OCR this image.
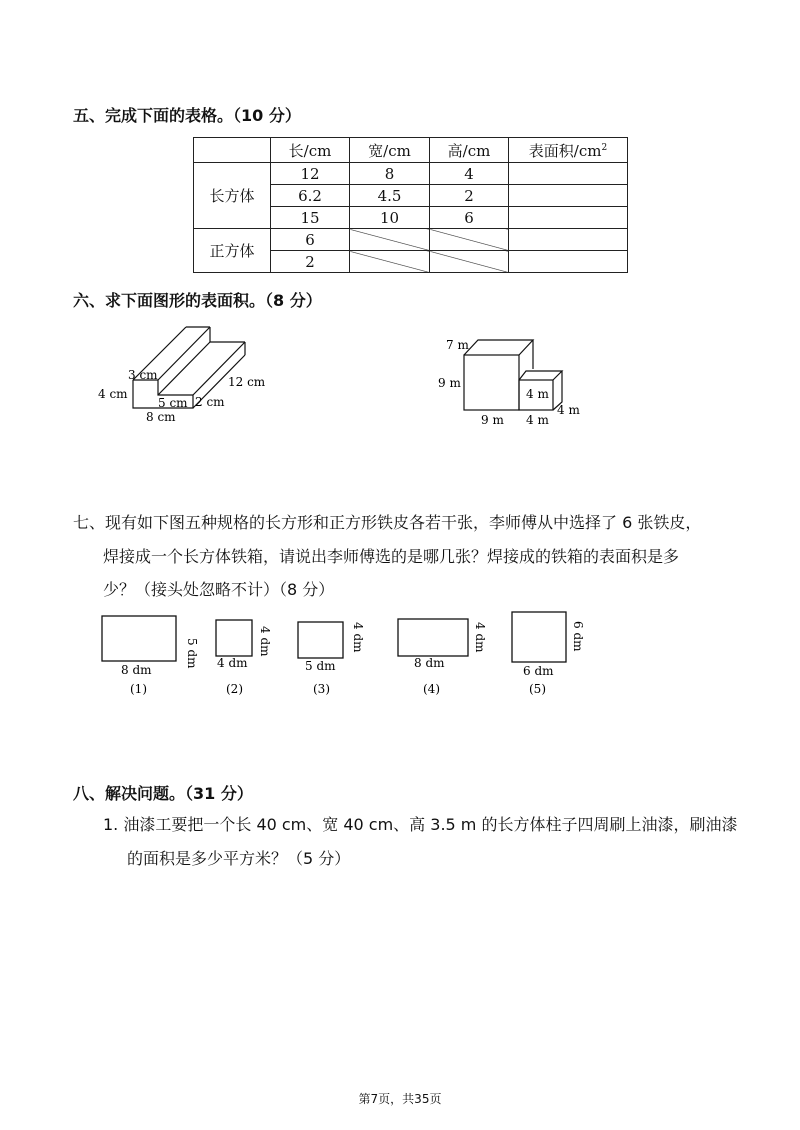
五、完成下面的表格。（10 分）
	长/cm	宽/cm	高/cm	表面积$/cm^2$
长方体	12	8	4	
	6.2	4.5	2	
	15	10	6	
正方体	6			
	2			
六、求下面图形的表面积。（8 分）
3 cm
4 cm
5 cm 2 cm
12 cm
8 cm
7 m
9 m
4 m
4 m
9 m 4 m
8 dm
5 dm
(1)
4 dm
4 dm
(2)
5 dm
4 dm
(3)
8 dm
4 dm
(4)
6 dm
6 dm
(5)
七、现有如下图五种规格的长方形和正方形铁皮各若干张，李师傅从中选择了 6 张铁皮，
焊接成一个长方体铁箱，请说出李师傅选的是哪几张？焊接成的铁箱的表面积是多
少？（接头处忽略不计）（8 分）
八、解决问题。（31 分）
1. 油漆工要把一个长 40 cm、宽 40 cm、高 3.5 m 的长方体柱子四周刷上油漆，刷油漆
的面积是多少平方米？（5 分）
第7页，共35页
